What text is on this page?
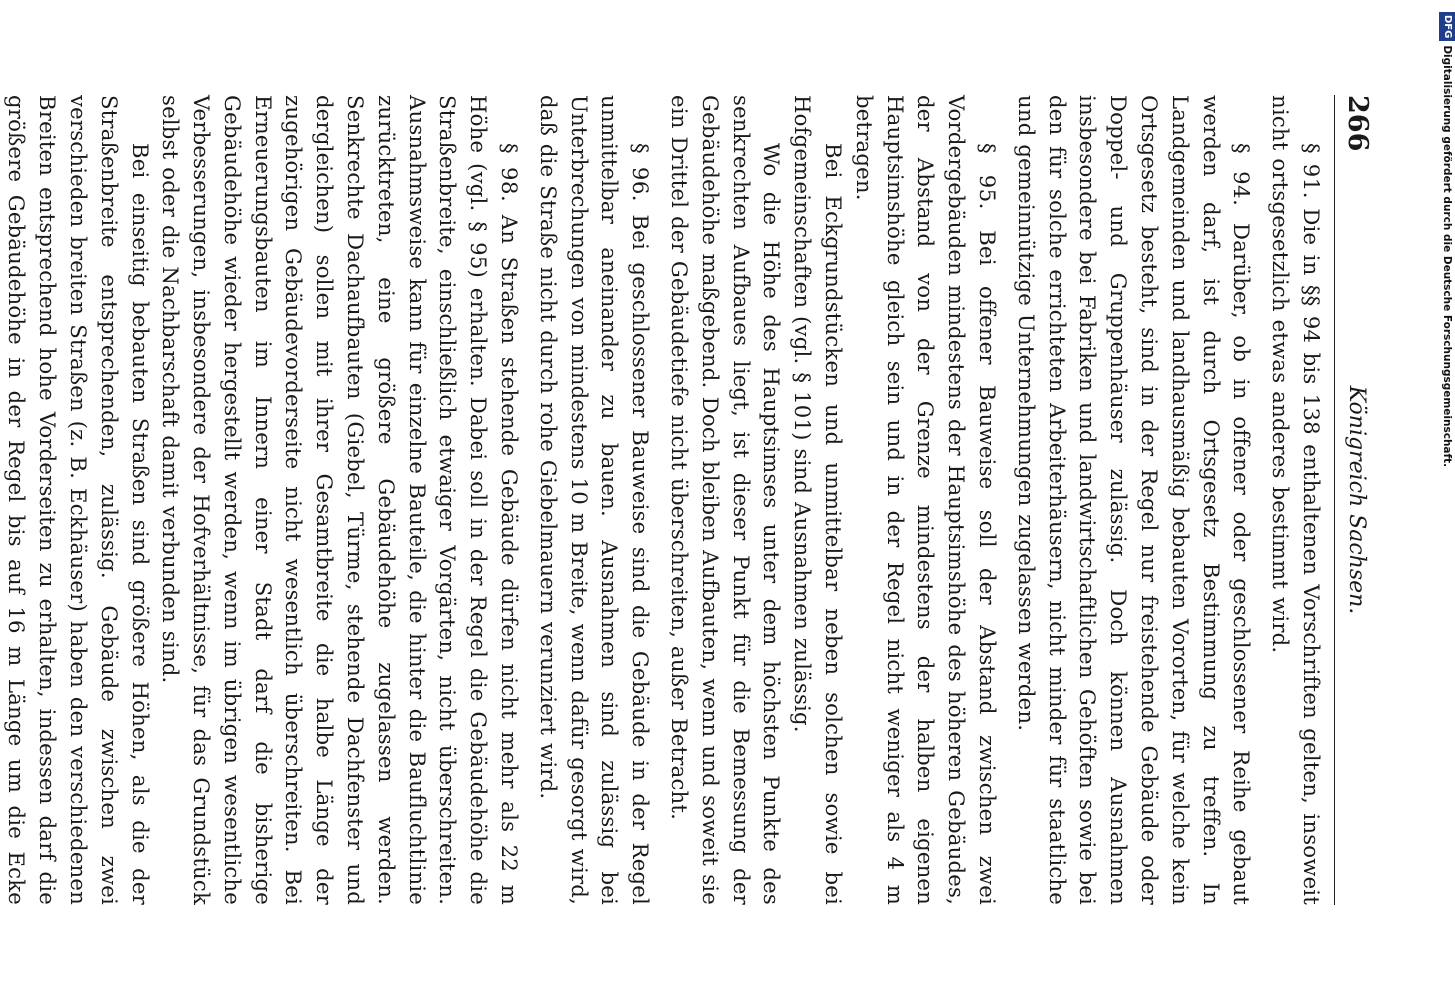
266
Königreich Sachsen.

§ 91. Die in §§ 94 bis 138 enthaltenen Vorschriften gelten, insoweit nicht ortsgesetzlich etwas anderes bestimmt wird.

§ 94. Darüber, ob in offener oder geschlossener Reihe gebaut werden darf, ist durch Ortsgesetz Bestimmung zu treffen. In Landgemeinden und landhausmäßig bebauten Vororten, für welche kein Ortsgesetz besteht, sind in der Regel nur freistehende Gebäude oder Doppel- und Gruppenhäuser zulässig. Doch können Ausnahmen insbesondere bei Fabriken und landwirtschaftlichen Gehöften sowie bei den für solche errichteten Arbeiterhäusern, nicht minder für staatliche und gemeinnützige Unternehmungen zugelassen werden.

§ 95. Bei offener Bauweise soll der Abstand zwischen zwei Vordergebäuden mindestens der Hauptsimshöhe des höheren Gebäudes, der Abstand von der Grenze mindestens der halben eigenen Hauptsimshöhe gleich sein und in der Regel nicht weniger als 4 m betragen.

Bei Eckgrundstücken und unmittelbar neben solchen sowie bei Hofgemeinschaften (vgl. § 101) sind Ausnahmen zulässig.

Wo die Höhe des Hauptsimses unter dem höchsten Punkte des senkrechten Aufbaues liegt, ist dieser Punkt für die Bemessung der Gebäudehöhe maßgebend. Doch bleiben Aufbauten, wenn und soweit sie ein Drittel der Gebäudetiefe nicht überschreiten, außer Betracht.

§ 96. Bei geschlossener Bauweise sind die Gebäude in der Regel unmittelbar aneinander zu bauen. Ausnahmen sind zulässig bei Unterbrechungen von mindestens 10 m Breite, wenn dafür gesorgt wird, daß die Straße nicht durch rohe Giebelmauern verunziert wird.

§ 98. An Straßen stehende Gebäude dürfen nicht mehr als 22 m Höhe (vgl. § 95) erhalten. Dabei soll in der Regel die Gebäudehöhe die Straßenbreite, einschließlich etwaiger Vorgärten, nicht überschreiten. Ausnahmsweise kann für einzelne Bauteile, die hinter die Baufluchtlinie zurücktreten, eine größere Gebäudehöhe zugelassen werden. Senkrechte Dachaufbauten (Giebel, Türme, stehende Dachfenster und dergleichen) sollen mit ihrer Gesamtbreite die halbe Länge der zugehörigen Gebäudevorderseite nicht wesentlich überschreiten. Bei Erneuerungsbauten im Innern einer Stadt darf die bisherige Gebäudehöhe wieder hergestellt werden, wenn im übrigen wesentliche Verbesserungen, insbesondere der Hofverhältnisse, für das Grundstück selbst oder die Nachbarschaft damit verbunden sind.

Bei einseitig bebauten Straßen sind größere Höhen, als die der Straßenbreite entsprechenden, zulässig. Gebäude zwischen zwei verschieden breiten Straßen (z. B. Eckhäuser) haben den verschiedenen Breiten entsprechend hohe Vorderseiten zu erhalten, indessen darf die größere Gebäudehöhe in der Regel bis auf 16 m Länge um die Ecke

DFG
Digitalisierung gefördert durch die Deutsche Forschungsgemeinschaft.
